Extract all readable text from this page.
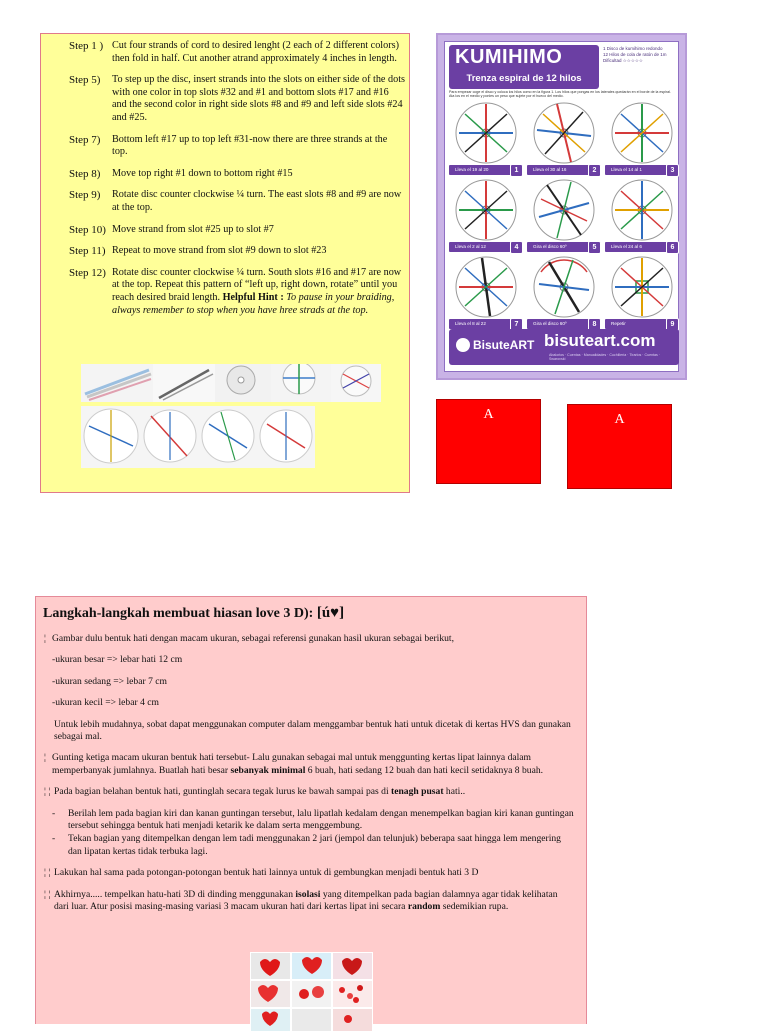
Step 1 ) Cut four strands of cord to desired lenght (2 each of 2 different colors) then fold in half. Cut another atrand approximately 4 inches in length.
Step 5)	To step up the disc, insert strands into the slots on either side of the dots with one color in top slots #32 and #1 and bottom slots #17 and #16 and the second color in right side slots #8 and #9 and left side slots #24 and #25.
Step 7)	Bottom left #17 up to top left #31-now there are three strands at the top.
Step 8)	Move top right #1 down to bottom right #15
Step 9)	Rotate disc counter clockwise ¼ turn. The east slots #8 and #9 are now at the top.
Step 10) Move strand from slot #25 up to slot #7
Step 11) Repeat to move strand from slot #9 down to slot #23
Step 12) Rotate disc counter clockwise ¼ turn. South slots #16 and #17 are now at the top. Repeat this pattern of “left up, right down, rotate” until you reach desired braid length. Helpful Hint : To pause in your braiding, always remember to stop when you have hree strads at the top.
KUMIHIMO
Trenza espiral de 12 hilos
1 Disco de kumihimo redondo
12 Hilos de cola de ratón de 1m
Dificultad ☆☆☆☆☆
Para empezar coge el disco y coloca los hilos como en la figura 1. Los hilos que pongas en los laterales quedarán en el borde de la espiral. Ata los en el medio y ponles un peso que sujete por el hueco del medio.
Lleva el 19 al 20	1	Lleva el 30 al 16	2	Lleva el 14 al 1	3
Lleva el 2 al 12	4	Gira el disco 60º	5	Lleva el 24 al 6	6
Lleva el 8 al 22	7	Gira el disco 60º	8	Repetir	9
BisuteART bisuteart.com
Abalorios · Cuentas · Manualidades · Cuchillería · Tirarlos · Cuentas · Swarovski
A	A
Langkah-langkah membuat hiasan love 3 D): [ú♥]
¦ Gambar dulu bentuk hati dengan macam ukuran, sebagai referensi gunakan hasil ukuran sebagai berikut,
-ukuran besar => lebar hati 12 cm
-ukuran sedang => lebar 7 cm
-ukuran kecil => lebar 4 cm
Untuk lebih mudahnya, sobat dapat menggunakan computer dalam menggambar bentuk hati untuk dicetak di kertas HVS dan gunakan sebagai mal.
¦ Gunting ketiga macam ukuran bentuk hati tersebut- Lalu gunakan sebagai mal untuk menggunting kertas lipat lainnya dalam memperbanyak jumlahnya. Buatlah hati besar sebanyak minimal 6 buah, hati sedang 12 buah dan hati kecil setidaknya 8 buah.
¦ ¦ Pada bagian belahan bentuk hati, guntinglah secara tegak lurus ke bawah sampai pas di tenagh pusat hati..
-	Berilah lem pada bagian kiri dan kanan guntingan tersebut, lalu lipatlah kedalam dengan menempelkan bagian kiri kanan guntingan tersebut sehingga bentuk hati menjadi ketarik ke dalam serta menggembung.
-	Tekan bagian yang ditempelkan dengan lem tadi menggunakan 2 jari (jempol dan telunjuk) beberapa saat hingga lem mengering dan lipatan kertas tidak terbuka lagi.
¦ ¦ Lakukan hal sama pada potongan-potongan bentuk hati lainnya untuk di gembungkan menjadi bentuk hati 3 D
¦ ¦ Akhirnya..... tempelkan hatu-hati 3D di dinding menggunakan isolasi yang ditempelkan pada bagian dalamnya agar tidak kelihatan dari luar. Atur posisi masing-masing variasi 3 macam ukuran hati dari kertas lipat ini secara random sedemikian rupa.
